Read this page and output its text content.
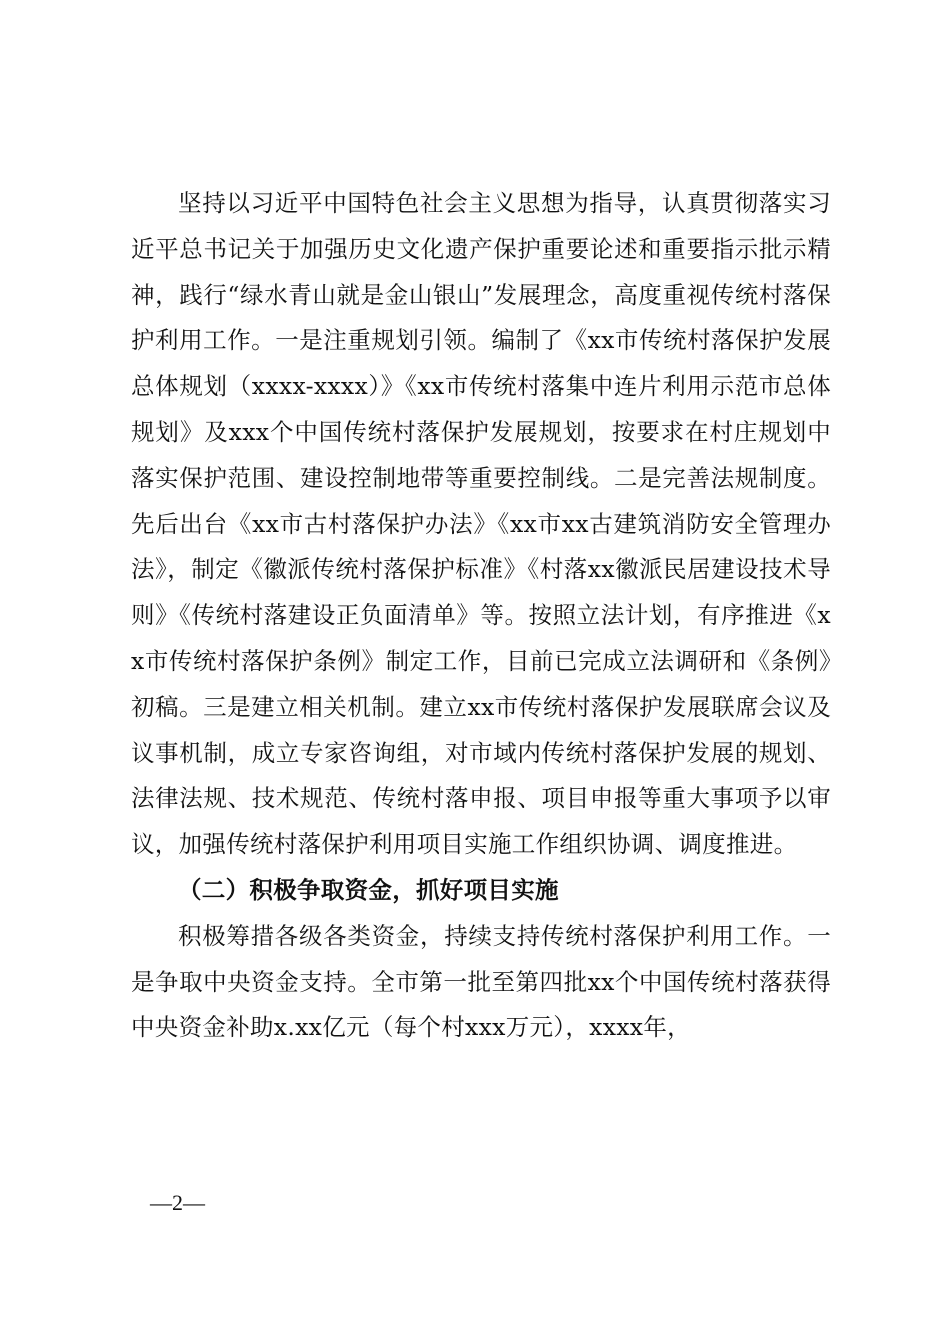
坚持以习近平中国特色社会主义思想为指导，认真贯彻落实习近平总书记关于加强历史文化遗产保护重要论述和重要指示批示精神，践行“绿水青山就是金山银山”发展理念，高度重视传统村落保护利用工作。一是注重规划引领。编制了《xx市传统村落保护发展总体规划（xxxx-xxxx）》《xx市传统村落集中连片利用示范市总体规划》及xxx个中国传统村落保护发展规划，按要求在村庄规划中落实保护范围、建设控制地带等重要控制线。二是完善法规制度。先后出台《xx市古村落保护办法》《xx市xx古建筑消防安全管理办法》，制定《徽派传统村落保护标准》《村落xx徽派民居建设技术导则》《传统村落建设正负面清单》等。按照立法计划，有序推进《xx市传统村落保护条例》制定工作，目前已完成立法调研和《条例》初稿。三是建立相关机制。建立xx市传统村落保护发展联席会议及议事机制，成立专家咨询组，对市域内传统村落保护发展的规划、法律法规、技术规范、传统村落申报、项目申报等重大事项予以审议，加强传统村落保护利用项目实施工作组织协调、调度推进。

（二）积极争取资金，抓好项目实施

积极筹措各级各类资金，持续支持传统村落保护利用工作。一是争取中央资金支持。全市第一批至第四批xx个中国传统村落获得中央资金补助x.xx亿元（每个村xxx万元），xxxx年，

—2—
